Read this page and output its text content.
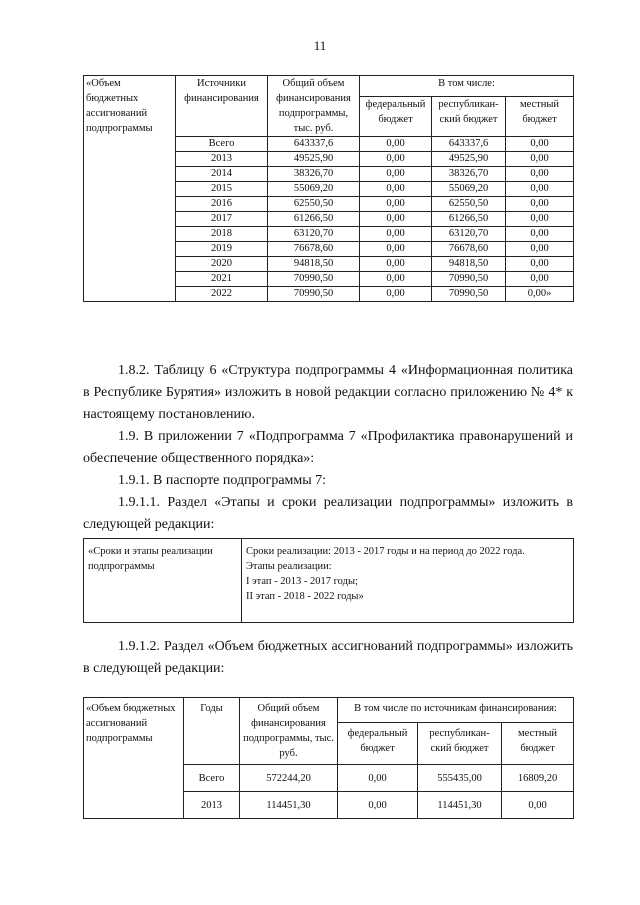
11
«Объем бюджетных ассигнований подпрограммы	Источники финансирования	Общий объем финансирования подпрограммы, тыс. руб.	В том числе:		
			федеральный бюджет	республикан-ский бюджет	местный бюджет
	Всего	643337,6	0,00	643337,6	0,00
	2013	49525,90	0,00	49525,90	0,00
	2014	38326,70	0,00	38326,70	0,00
	2015	55069,20	0,00	55069,20	0,00
	2016	62550,50	0,00	62550,50	0,00
	2017	61266,50	0,00	61266,50	0,00
	2018	63120,70	0,00	63120,70	0,00
	2019	76678,60	0,00	76678,60	0,00
	2020	94818,50	0,00	94818,50	0,00
	2021	70990,50	0,00	70990,50	0,00
	2022	70990,50	0,00	70990,50	0,00»
1.8.2. Таблицу 6 «Структура подпрограммы 4 «Информационная политика в Республике Бурятия» изложить в новой редакции согласно приложению № 4* к настоящему постановлению.
1.9. В приложении 7 «Подпрограмма 7 «Профилактика правонарушений и обеспечение общественного порядка»:
1.9.1. В паспорте подпрограммы 7:
1.9.1.1. Раздел «Этапы и сроки реализации подпрограммы» изложить в следующей редакции:
«Сроки и этапы реализации подпрограммы	
Сроки реализации: 2013 - 2017 годы и на период до 2022 года.
Этапы реализации:
I этап - 2013 - 2017 годы;
II этап - 2018 - 2022 годы»
1.9.1.2. Раздел «Объем бюджетных ассигнований подпрограммы» изложить в следующей редакции:
«Объем бюджетных ассигнований подпрограммы	Годы	Общий объем финансирования подпрограммы, тыс. руб.	В том числе по источникам финансирования:		
			федеральный бюджет	республикан-ский бюджет	местный бюджет
	Всего	572244,20	0,00	555435,00	16809,20
	2013	114451,30	0,00	114451,30	0,00
